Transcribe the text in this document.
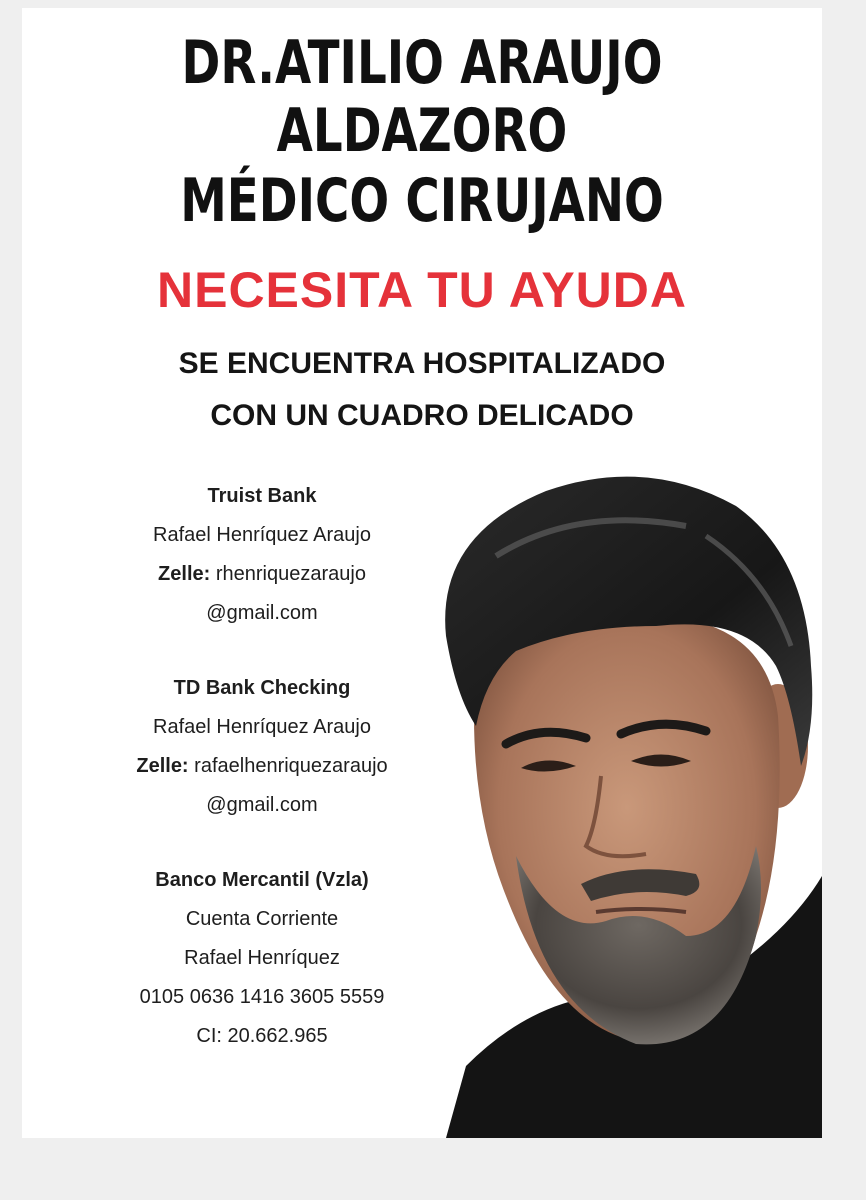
DR.ATILIO ARAUJO
ALDAZORO
MÉDICO CIRUJANO
NECESITA TU AYUDA
SE ENCUENTRA HOSPITALIZADO
CON UN CUADRO DELICADO
Truist Bank
Rafael Henríquez Araujo
Zelle: rhenriquezaraujo
@gmail.com
TD Bank Checking
Rafael Henríquez Araujo
Zelle: rafaelhenriquezaraujo
@gmail.com
Banco Mercantil (Vzla)
Cuenta Corriente
Rafael Henríquez
0105 0636 1416 3605 5559
CI: 20.662.965
